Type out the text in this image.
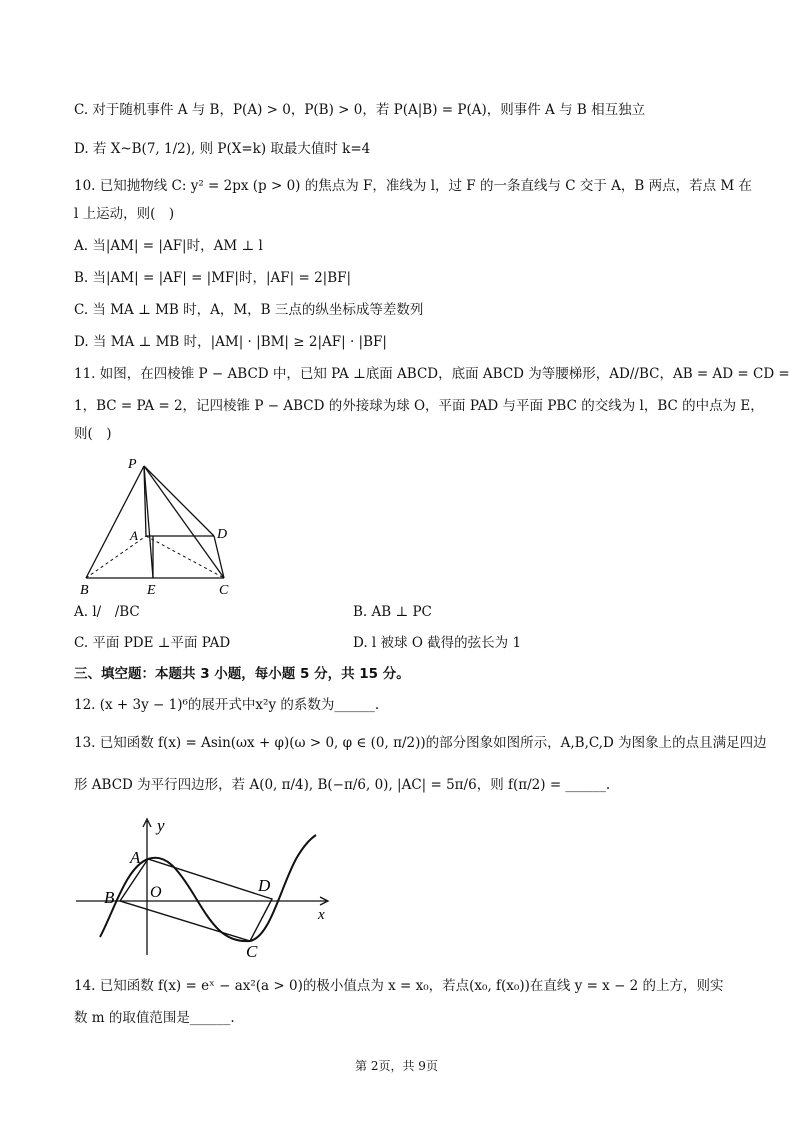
C. 对于随机事件 A 与 B，P(A) > 0，P(B) > 0，若 P(A|B) = P(A)，则事件 A 与 B 相互独立
D. 若 X~B(7, 1/2), 则 P(X=k) 取最大值时 k=4
10. 已知抛物线 C: y² = 2px (p > 0) 的焦点为 F，准线为 l，过 F 的一条直线与 C 交于 A，B 两点，若点 M 在
l 上运动，则(　)
A. 当|AM| = |AF|时，AM ⊥ l
B. 当|AM| = |AF| = |MF|时，|AF| = 2|BF|
C. 当 MA ⊥ MB 时，A，M，B 三点的纵坐标成等差数列
D. 当 MA ⊥ MB 时，|AM| · |BM| ≥ 2|AF| · |BF|
11. 如图，在四棱锥 P − ABCD 中，已知 PA ⊥底面 ABCD，底面 ABCD 为等腰梯形，AD//BC，AB = AD = CD =
1，BC = PA = 2，记四棱锥 P − ABCD 的外接球为球 O，平面 PAD 与平面 PBC 的交线为 l，BC 的中点为 E，
则(　)
P
A	D
B	E	C
A. l/　/BC	B. AB ⊥ PC
C. 平面 PDE ⊥平面 PAD	D. l 被球 O 截得的弦长为 1
三、填空题：本题共 3 小题，每小题 5 分，共 15 分。
12. (x + 3y − 1)⁶的展开式中x²y 的系数为______.
13. 已知函数 f(x) = Asin(ωx + φ)(ω > 0, φ ∈ (0, π/2))的部分图象如图所示，A,B,C,D 为图象上的点且满足四边
形 ABCD 为平行四边形，若 A(0, π/4), B(−π/6, 0), |AC| = 5π/6，则 f(π/2) = ______.
y
x
O
A
B
C
D
14. 已知函数 f(x) = eˣ − ax²(a > 0)的极小值点为 x = x₀，若点(x₀, f(x₀))在直线 y = x − 2 的上方，则实
数 m 的取值范围是______.
第 2页，共 9页
